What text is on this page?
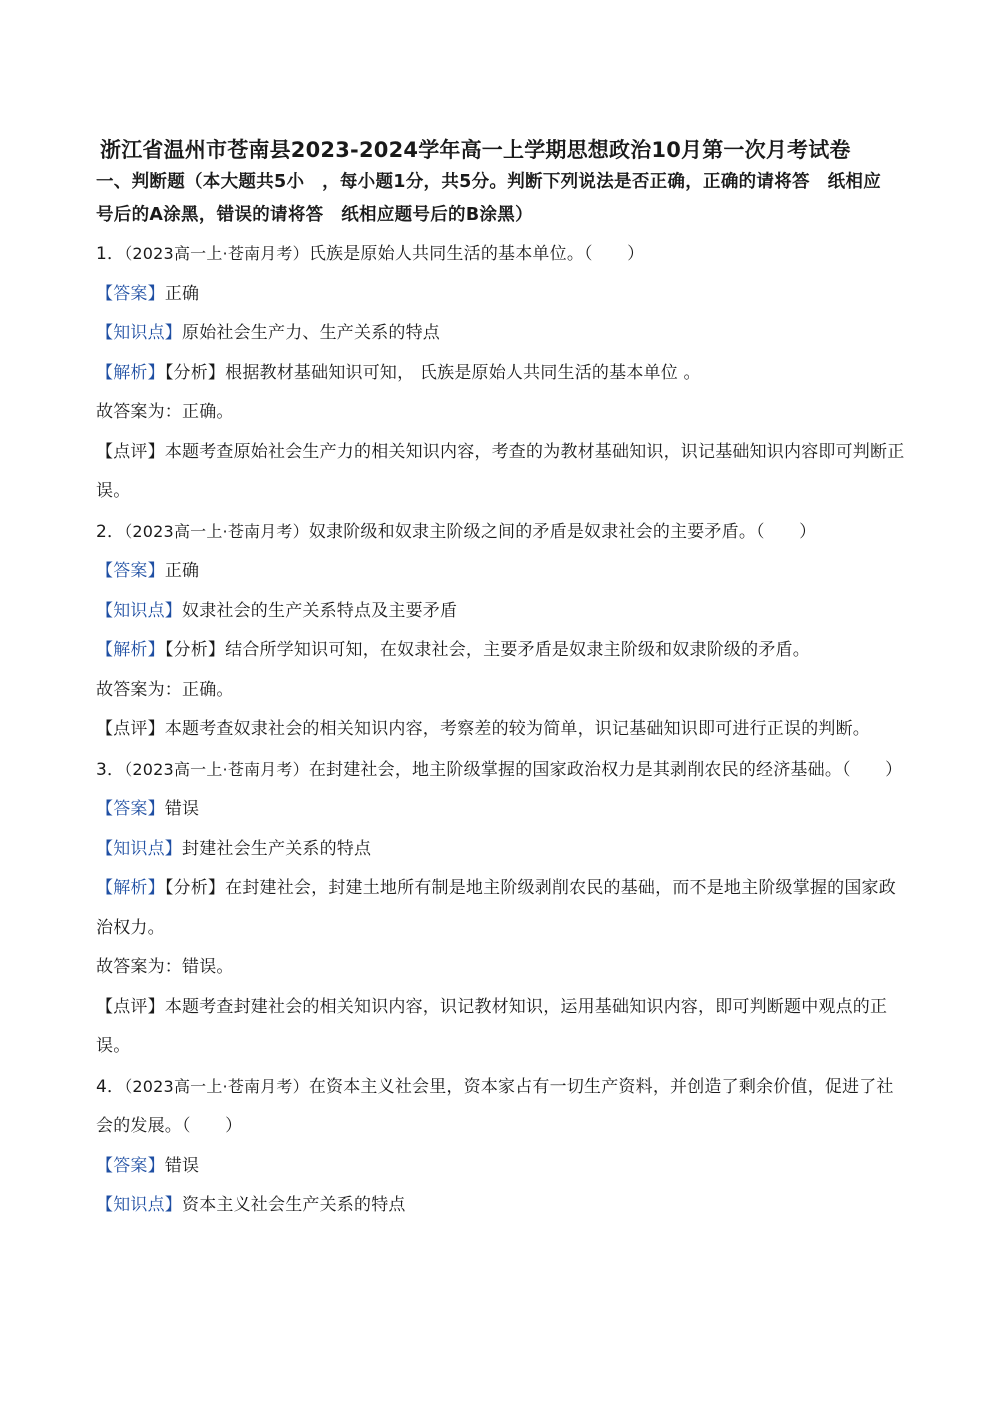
浙江省温州市苍南县2023-2024学年高一上学期思想政治10月第一次月考试卷
一、判断题（本大题共5小　，每小题1分，共5分。判断下列说法是否正确，正确的请将答　纸相应　号后的A涂黑，错误的请将答　纸相应题号后的B涂黑）
1．（2023高一上·苍南月考）氏族是原始人共同生活的基本单位。（　　）
【答案】正确
【知识点】原始社会生产力、生产关系的特点
【解析】【分析】根据教材基础知识可知， 氏族是原始人共同生活的基本单位 。
故答案为：正确。
【点评】本题考查原始社会生产力的相关知识内容，考查的为教材基础知识，识记基础知识内容即可判断正误。
2．（2023高一上·苍南月考）奴隶阶级和奴隶主阶级之间的矛盾是奴隶社会的主要矛盾。（　　）
【答案】正确
【知识点】奴隶社会的生产关系特点及主要矛盾
【解析】【分析】结合所学知识可知，在奴隶社会，主要矛盾是奴隶主阶级和奴隶阶级的矛盾。
故答案为：正确。
【点评】本题考查奴隶社会的相关知识内容，考察差的较为简单，识记基础知识即可进行正误的判断。
3．（2023高一上·苍南月考）在封建社会，地主阶级掌握的国家政治权力是其剥削农民的经济基础。（　　）
【答案】错误
【知识点】封建社会生产关系的特点
【解析】【分析】在封建社会，封建土地所有制是地主阶级剥削农民的基础，而不是地主阶级掌握的国家政治权力。
故答案为：错误。
【点评】本题考查封建社会的相关知识内容，识记教材知识，运用基础知识内容，即可判断题中观点的正误。
4．（2023高一上·苍南月考）在资本主义社会里，资本家占有一切生产资料，并创造了剩余价值，促进了社会的发展。（　　）
【答案】错误
【知识点】资本主义社会生产关系的特点
